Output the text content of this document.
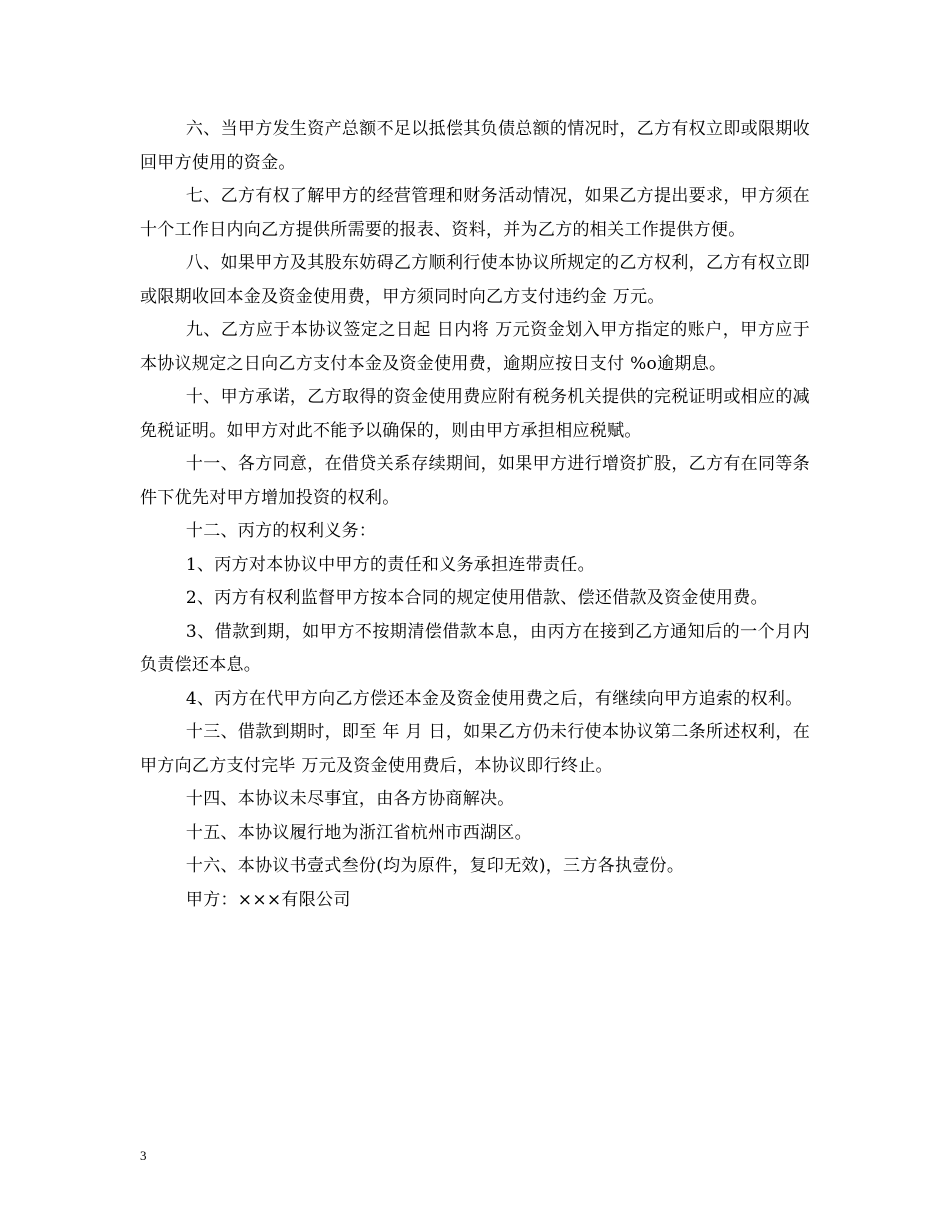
六、当甲方发生资产总额不足以抵偿其负债总额的情况时，乙方有权立即或限期收回甲方使用的资金。

七、乙方有权了解甲方的经营管理和财务活动情况，如果乙方提出要求，甲方须在十个工作日内向乙方提供所需要的报表、资料，并为乙方的相关工作提供方便。

八、如果甲方及其股东妨碍乙方顺利行使本协议所规定的乙方权利，乙方有权立即或限期收回本金及资金使用费，甲方须同时向乙方支付违约金 万元。

九、乙方应于本协议签定之日起 日内将 万元资金划入甲方指定的账户，甲方应于本协议规定之日向乙方支付本金及资金使用费，逾期应按日支付 %o逾期息。

十、甲方承诺，乙方取得的资金使用费应附有税务机关提供的完税证明或相应的减免税证明。如甲方对此不能予以确保的，则由甲方承担相应税赋。

十一、各方同意，在借贷关系存续期间，如果甲方进行增资扩股，乙方有在同等条件下优先对甲方增加投资的权利。

十二、丙方的权利义务：

1、丙方对本协议中甲方的责任和义务承担连带责任。

2、丙方有权利监督甲方按本合同的规定使用借款、偿还借款及资金使用费。

3、借款到期，如甲方不按期清偿借款本息，由丙方在接到乙方通知后的一个月内负责偿还本息。

4、丙方在代甲方向乙方偿还本金及资金使用费之后，有继续向甲方追索的权利。

十三、借款到期时，即至 年 月 日，如果乙方仍未行使本协议第二条所述权利，在甲方向乙方支付完毕 万元及资金使用费后，本协议即行终止。

十四、本协议未尽事宜，由各方协商解决。

十五、本协议履行地为浙江省杭州市西湖区。

十六、本协议书壹式叁份(均为原件，复印无效)，三方各执壹份。

甲方：×××有限公司

3
